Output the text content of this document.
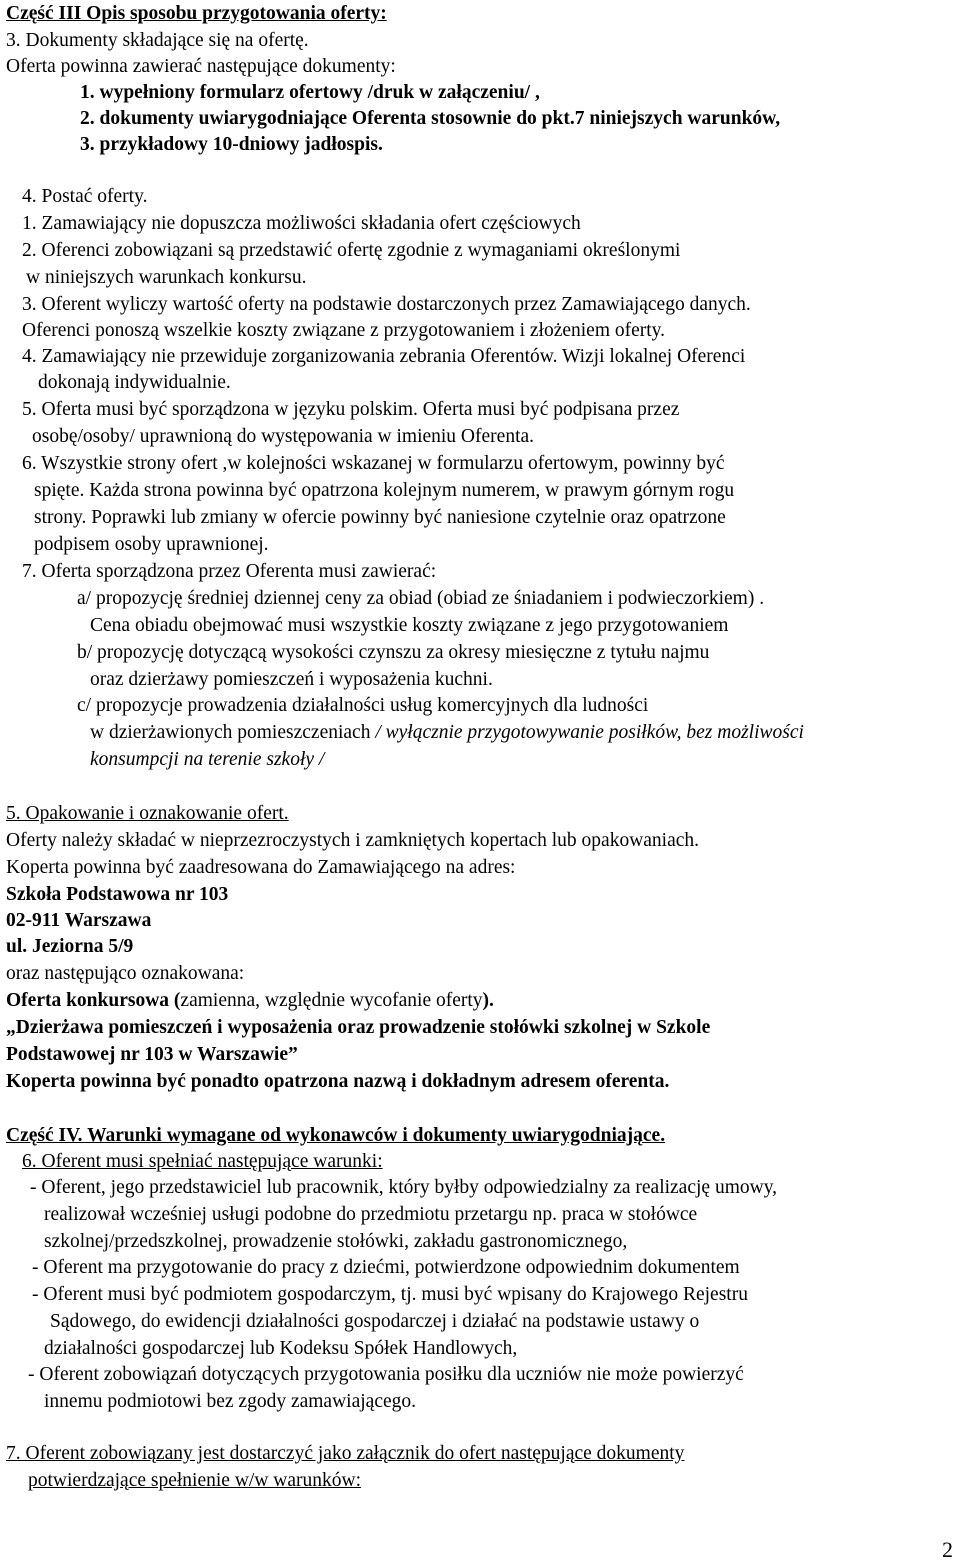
Część III Opis sposobu przygotowania oferty:
3. Dokumenty składające się na ofertę.
Oferta powinna zawierać następujące dokumenty:
1. wypełniony formularz ofertowy /druk w załączeniu/ ,
2. dokumenty uwiarygodniające Oferenta stosownie do pkt.7 niniejszych warunków,
3. przykładowy 10-dniowy jadłospis.
4. Postać oferty.
1. Zamawiający nie dopuszcza możliwości składania ofert częściowych
2. Oferenci zobowiązani są przedstawić ofertę zgodnie z wymaganiami określonymi
w niniejszych warunkach konkursu.
3. Oferent wyliczy wartość oferty na podstawie dostarczonych przez Zamawiającego danych.
Oferenci ponoszą wszelkie koszty związane z przygotowaniem i złożeniem oferty.
4. Zamawiający nie przewiduje zorganizowania zebrania Oferentów. Wizji lokalnej Oferenci
dokonają indywidualnie.
5. Oferta musi być sporządzona w języku polskim. Oferta musi być podpisana przez
osobę/osoby/ uprawnioną do występowania w imieniu Oferenta.
6. Wszystkie strony ofert ,w kolejności wskazanej w formularzu ofertowym, powinny być
spięte. Każda strona powinna być opatrzona kolejnym numerem, w prawym górnym rogu
strony. Poprawki lub zmiany w ofercie powinny być naniesione czytelnie oraz opatrzone
podpisem osoby uprawnionej.
7. Oferta sporządzona przez Oferenta musi zawierać:
a/ propozycję średniej dziennej ceny za obiad (obiad ze śniadaniem i podwieczorkiem) .
Cena obiadu obejmować musi wszystkie koszty związane z jego przygotowaniem
b/ propozycję dotyczącą wysokości czynszu za okresy miesięczne z tytułu najmu
oraz dzierżawy pomieszczeń i wyposażenia kuchni.
c/ propozycje prowadzenia działalności usług komercyjnych dla ludności
w dzierżawionych pomieszczeniach / wyłącznie przygotowywanie posiłków, bez możliwości
konsumpcji na terenie szkoły /
5. Opakowanie i oznakowanie ofert.
Oferty należy składać w nieprzezroczystych i zamkniętych kopertach lub opakowaniach.
Koperta powinna być zaadresowana do Zamawiającego na adres:
Szkoła Podstawowa nr 103
02-911 Warszawa
ul. Jeziorna 5/9
oraz następująco oznakowana:
Oferta konkursowa (zamienna, względnie wycofanie oferty).
„Dzierżawa pomieszczeń i wyposażenia oraz prowadzenie stołówki szkolnej w Szkole
Podstawowej nr 103 w Warszawie”
Koperta powinna być ponadto opatrzona nazwą i dokładnym adresem oferenta.
Część IV. Warunki wymagane od wykonawców i dokumenty uwiarygodniające.
6. Oferent musi spełniać następujące warunki:
- Oferent, jego przedstawiciel lub pracownik, który byłby odpowiedzialny za realizację umowy,
realizował wcześniej usługi podobne do przedmiotu przetargu np. praca w stołówce
szkolnej/przedszkolnej, prowadzenie stołówki, zakładu gastronomicznego,
- Oferent ma przygotowanie do pracy z dziećmi, potwierdzone odpowiednim dokumentem
- Oferent musi być podmiotem gospodarczym, tj. musi być wpisany do Krajowego Rejestru
Sądowego, do ewidencji działalności gospodarczej i działać na podstawie ustawy o
działalności gospodarczej lub Kodeksu Spółek Handlowych,
- Oferent zobowiązań dotyczących przygotowania posiłku dla uczniów nie może powierzyć
innemu podmiotowi bez zgody zamawiającego.
7. Oferent zobowiązany jest dostarczyć jako załącznik do ofert następujące dokumenty
potwierdzające spełnienie w/w warunków:
2
